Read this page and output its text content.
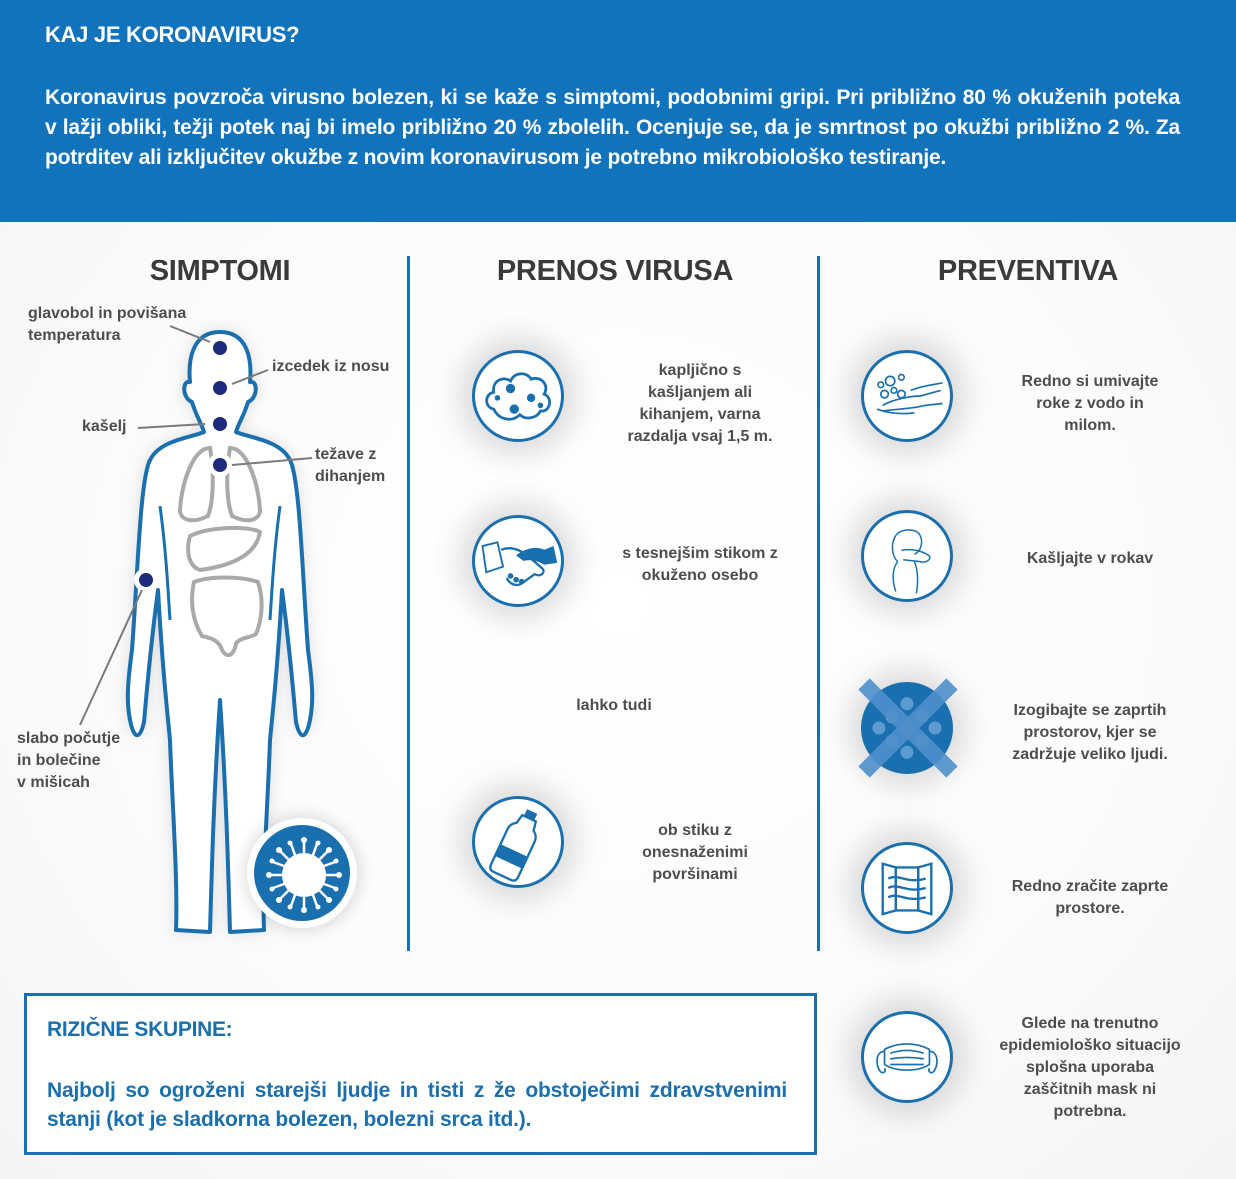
KAJ JE KORONAVIRUS?

Koronavirus povzroča virusno bolezen, ki se kaže s simptomi, podobnimi gripi. Pri približno 80 % okuženih poteka v lažji obliki, težji potek naj bi imelo približno 20 % zbolelih. Ocenjuje se, da je smrtnost po okužbi približno 2 %. Za potrditev ali izključitev okužbe z novim koronavirusom je potrebno mikrobiološko testiranje.

SIMPTOMI
glavobol in povišana
temperatura
izcedek iz nosu
kašelj
težave z
dihanjem
slabo počutje
in bolečine
v mišicah
PRENOS VIRUSA
kapljično s
kašljanjem ali
kihanjem, varna
razdalja vsaj 1,5 m.
s tesnejšim stikom z
okuženo osebo
lahko tudi
ob stiku z
onesnaženimi
površinami
PREVENTIVA
Redno si umivajte
roke z vodo in
milom.
Kašljajte v rokav
Izogibajte se zaprtih
prostorov, kjer se
zadržuje veliko ljudi.
Redno zračite zaprte
prostore.
Glede na trenutno
epidemiološko situacijo
splošna uporaba
zaščitnih mask ni
potrebna.
RIZIČNE SKUPINE:

Najbolj so ogroženi starejši ljudje in tisti z že obstoječimi zdravstvenimi stanji (kot je sladkorna bolezen, bolezni srca itd.).
